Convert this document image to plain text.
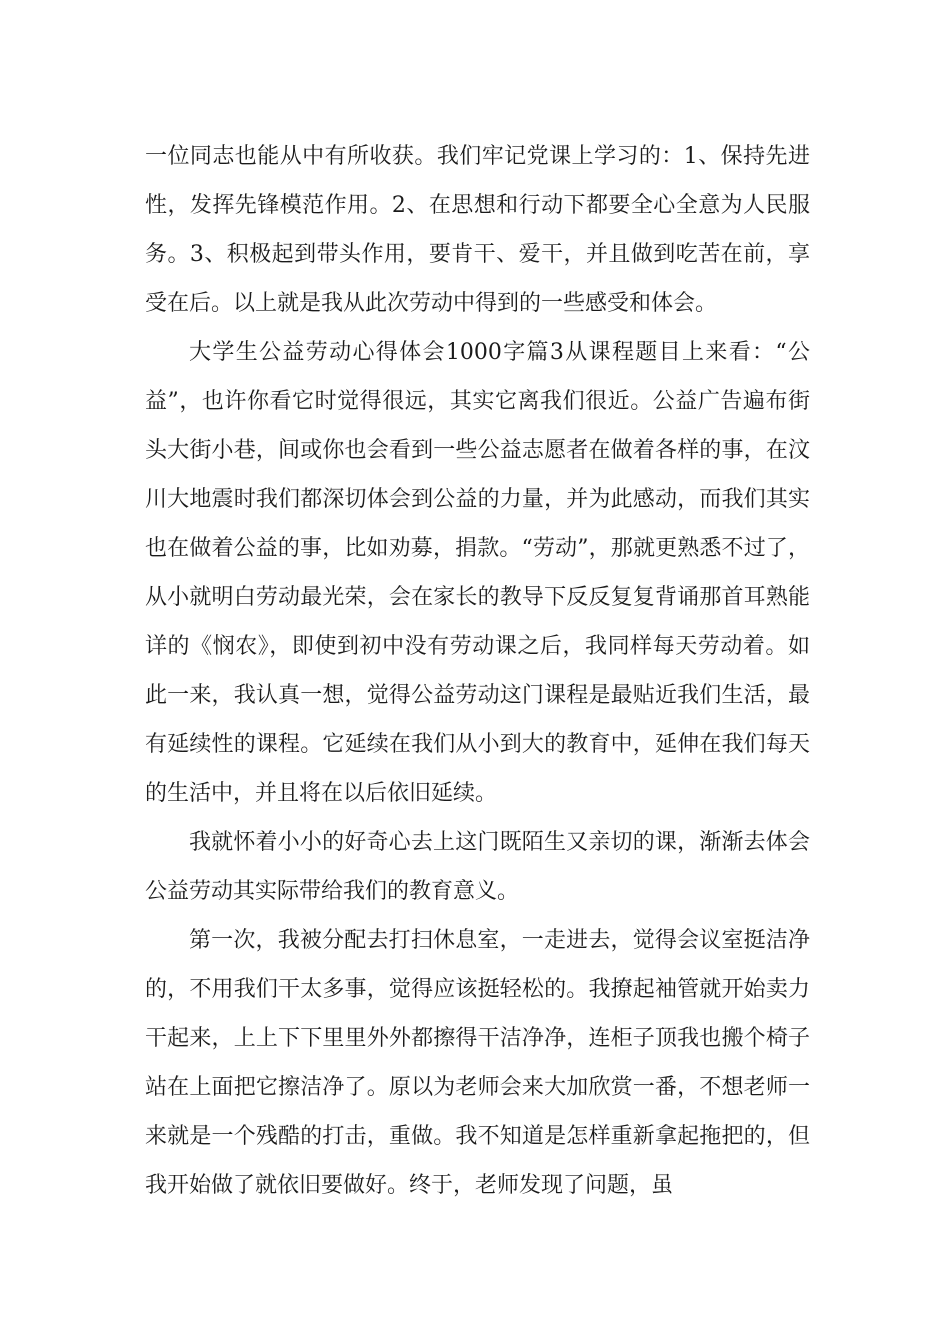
一位同志也能从中有所收获。我们牢记党课上学习的：1、保持先进性，发挥先锋模范作用。2、在思想和行动下都要全心全意为人民服务。3、积极起到带头作用，要肯干、爱干，并且做到吃苦在前，享受在后。以上就是我从此次劳动中得到的一些感受和体会。

大学生公益劳动心得体会1000字篇3从课程题目上来看：“公益”，也许你看它时觉得很远，其实它离我们很近。公益广告遍布街头大街小巷，间或你也会看到一些公益志愿者在做着各样的事，在汶川大地震时我们都深切体会到公益的力量，并为此感动，而我们其实也在做着公益的事，比如劝募，捐款。“劳动”，那就更熟悉不过了，从小就明白劳动最光荣，会在家长的教导下反反复复背诵那首耳熟能详的《悯农》，即使到初中没有劳动课之后，我同样每天劳动着。如此一来，我认真一想，觉得公益劳动这门课程是最贴近我们生活，最有延续性的课程。它延续在我们从小到大的教育中，延伸在我们每天的生活中，并且将在以后依旧延续。

我就怀着小小的好奇心去上这门既陌生又亲切的课，渐渐去体会公益劳动其实际带给我们的教育意义。

第一次，我被分配去打扫休息室，一走进去，觉得会议室挺洁净的，不用我们干太多事，觉得应该挺轻松的。我撩起袖管就开始卖力干起来，上上下下里里外外都擦得干洁净净，连柜子顶我也搬个椅子站在上面把它擦洁净了。原以为老师会来大加欣赏一番，不想老师一来就是一个残酷的打击，重做。我不知道是怎样重新拿起拖把的，但我开始做了就依旧要做好。终于，老师发现了问题，虽
